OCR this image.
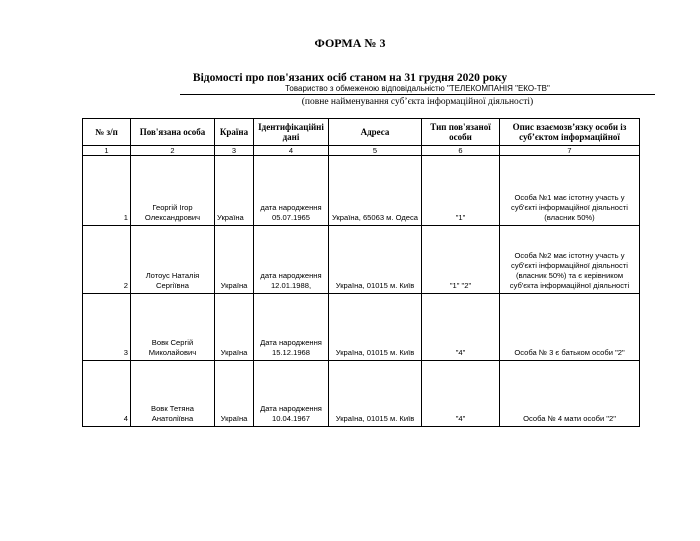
ФОРМА № 3
Відомості про пов'язаних осіб станом на 31 грудня 2020 року
Товариство з обмеженою відповідальністю "ТЕЛЕКОМПАНІЯ "ЕКО-ТВ"
(повне найменування суб’єкта інформаційної діяльності)
№ з/п	Пов'язана особа	Країна	Ідентифікаційні дані	Адреса	Тип пов'язаної особи	Опис взаємозв’язку особи із суб’єктом інформаційної
1	2	3	4	5	6	7
1	Георгій Ігор Олександрович	Україна	дата народження 05.07.1965	Україна, 65063 м. Одеса	"1"	Особа №1 має істотну участь у суб'єкті інформаційної діяльності (власник 50%)
2	Лотоус Наталія Сергіївна	Україна	дата народження 12.01.1988,	Україна, 01015 м. Київ	"1" "2"	Особа №2 має істотну участь у суб'єкті інформаційної діяльності (власник 50%) та є керівником суб'єкта інформаційної діяльності
3	Вовк Сергій Миколайович	Україна	Дата народження 15.12.1968	Україна, 01015 м. Київ	"4"	Особа № 3 є батьком особи "2"
4	Вовк Тетяна Анатоліївна	Україна	Дата народження 10.04.1967	Україна, 01015 м. Київ	"4"	Особа № 4 мати особи "2"
